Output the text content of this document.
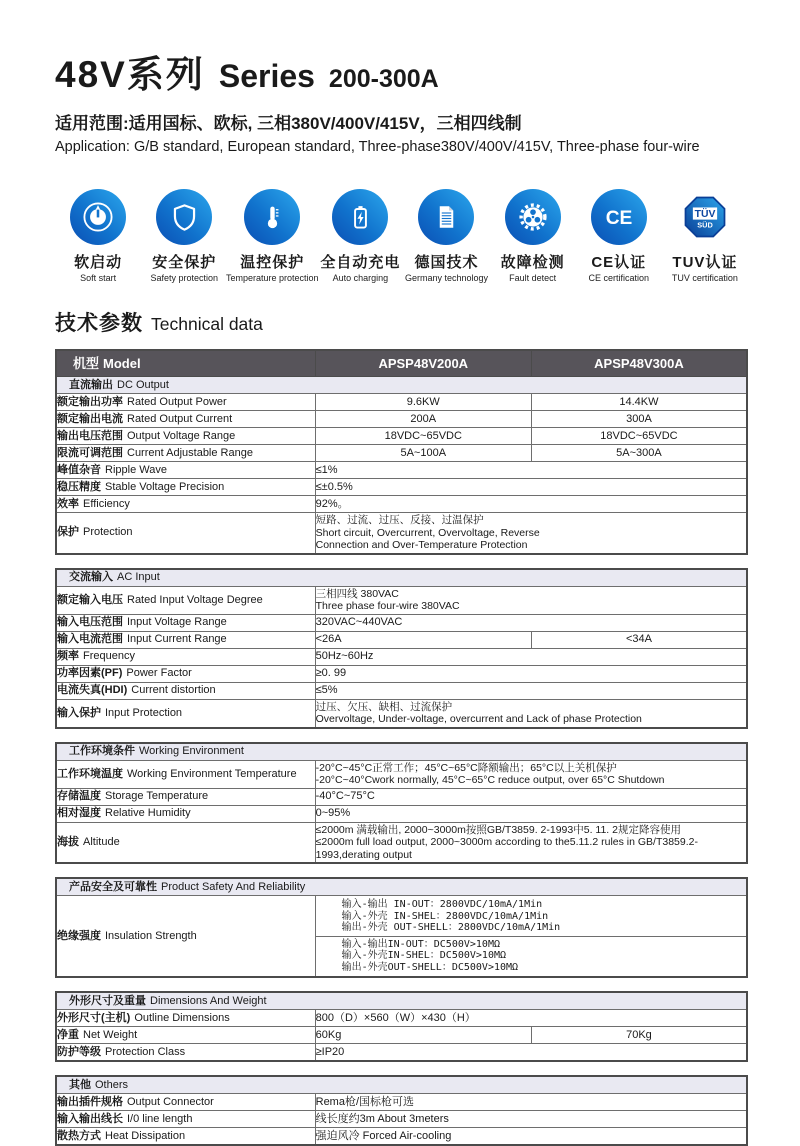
48V系列 Series 200-300A
适用范围:适用国标、欧标, 三相380V/400V/415V，三相四线制
Application: G/B standard, European standard, Three-phase380V/400V/415V, Three-phase four-wire
软启动
Soft start
安全保护
Safety protection
温控保护
Temperature protection
全自动充电
Auto charging
德国技术
Germany technology
故障检测
Fault detect
CE
CE认证
CE certification
TÜV
SÜD
TUV认证
TUV certification
技术参数 Technical data
机型 Model	APSP48V200A	APSP48V300A
直流输出 DC Output		
额定输出功率 Rated Output Power	9.6KW	14.4KW
额定输出电流 Rated Output Current	200A	300A
输出电压范围 Output Voltage Range	18VDC~65VDC	18VDC~65VDC
限流可调范围 Current Adjustable Range	5A~100A	5A~300A
峰值杂音 Ripple Wave	≤1%	
稳压精度 Stable Voltage Precision	≤±0.5%	
效率 Efficiency	92%。	
保护 Protection	短路、过流、过压、反接、过温保护
Short circuit, Overcurrent, Overvoltage, Reverse
Connection and Over-Temperature Protection	
交流输入 AC Input		
额定输入电压 Rated Input Voltage Degree	三相四线 380VAC
Three phase four-wire 380VAC	

输入电压范围 Input Voltage Range	320VAC~440VAC	
输入电流范围 Input Current Range	<26A	<34A
频率 Frequency	50Hz~60Hz	
功率因素(PF) Power Factor	≥0. 99	
电流失真(HDI) Current distortion	≤5%	
输入保护 Input Protection	过压、欠压、缺相、过流保护
Overvoltage, Under-voltage, overcurrent and Lack of phase Protection	
工作环境条件 Working Environment	
工作环境温度 Working Environment Temperature	-20°C~45°C正常工作；45°C~65°C降额输出；65°C以上关机保护
-20°C~40°Cwork normally, 45°C~65°C reduce output, over 65°C Shutdown

存储温度 Storage Temperature	-40°C~75°C
相对湿度 Relative Humidity	0~95%
海拔 Altitude	≤2000m 满载输出, 2000~3000m按照GB/T3859. 2-1993中5. 11. 2规定降容使用
≤2000m full load output, 2000~3000m according to the5.11.2 rules in GB/T3859.2-
1993,derating output
产品安全及可靠性 Product Safety And Reliability
绝缘强度 Insulation Strength	
输入-输出 IN-OUT：2800VDC/10mA/1Min
输入-外壳 IN-SHEL：2800VDC/10mA/1Min
输出-外壳 OUT-SHELL：2800VDC/10mA/1Min
输入-输出IN-OUT：DC500V>10MΩ
输入-外壳IN-SHEL：DC500V>10MΩ
输出-外壳OUT-SHELL：DC500V>10MΩ
外形尺寸及重量 Dimensions And Weight		
外形尺寸(主机) Outline Dimensions	800（D）×560（W）×430（H）	
净重 Net Weight	60Kg	70Kg
防护等级 Protection Class	≥IP20	
其他 Others	
输出插件规格 Output Connector	Rema枪/国标枪可选
输入输出线长 I/0 line length	线长度约3m About 3meters
散热方式 Heat Dissipation	强迫风冷 Forced Air-cooling
